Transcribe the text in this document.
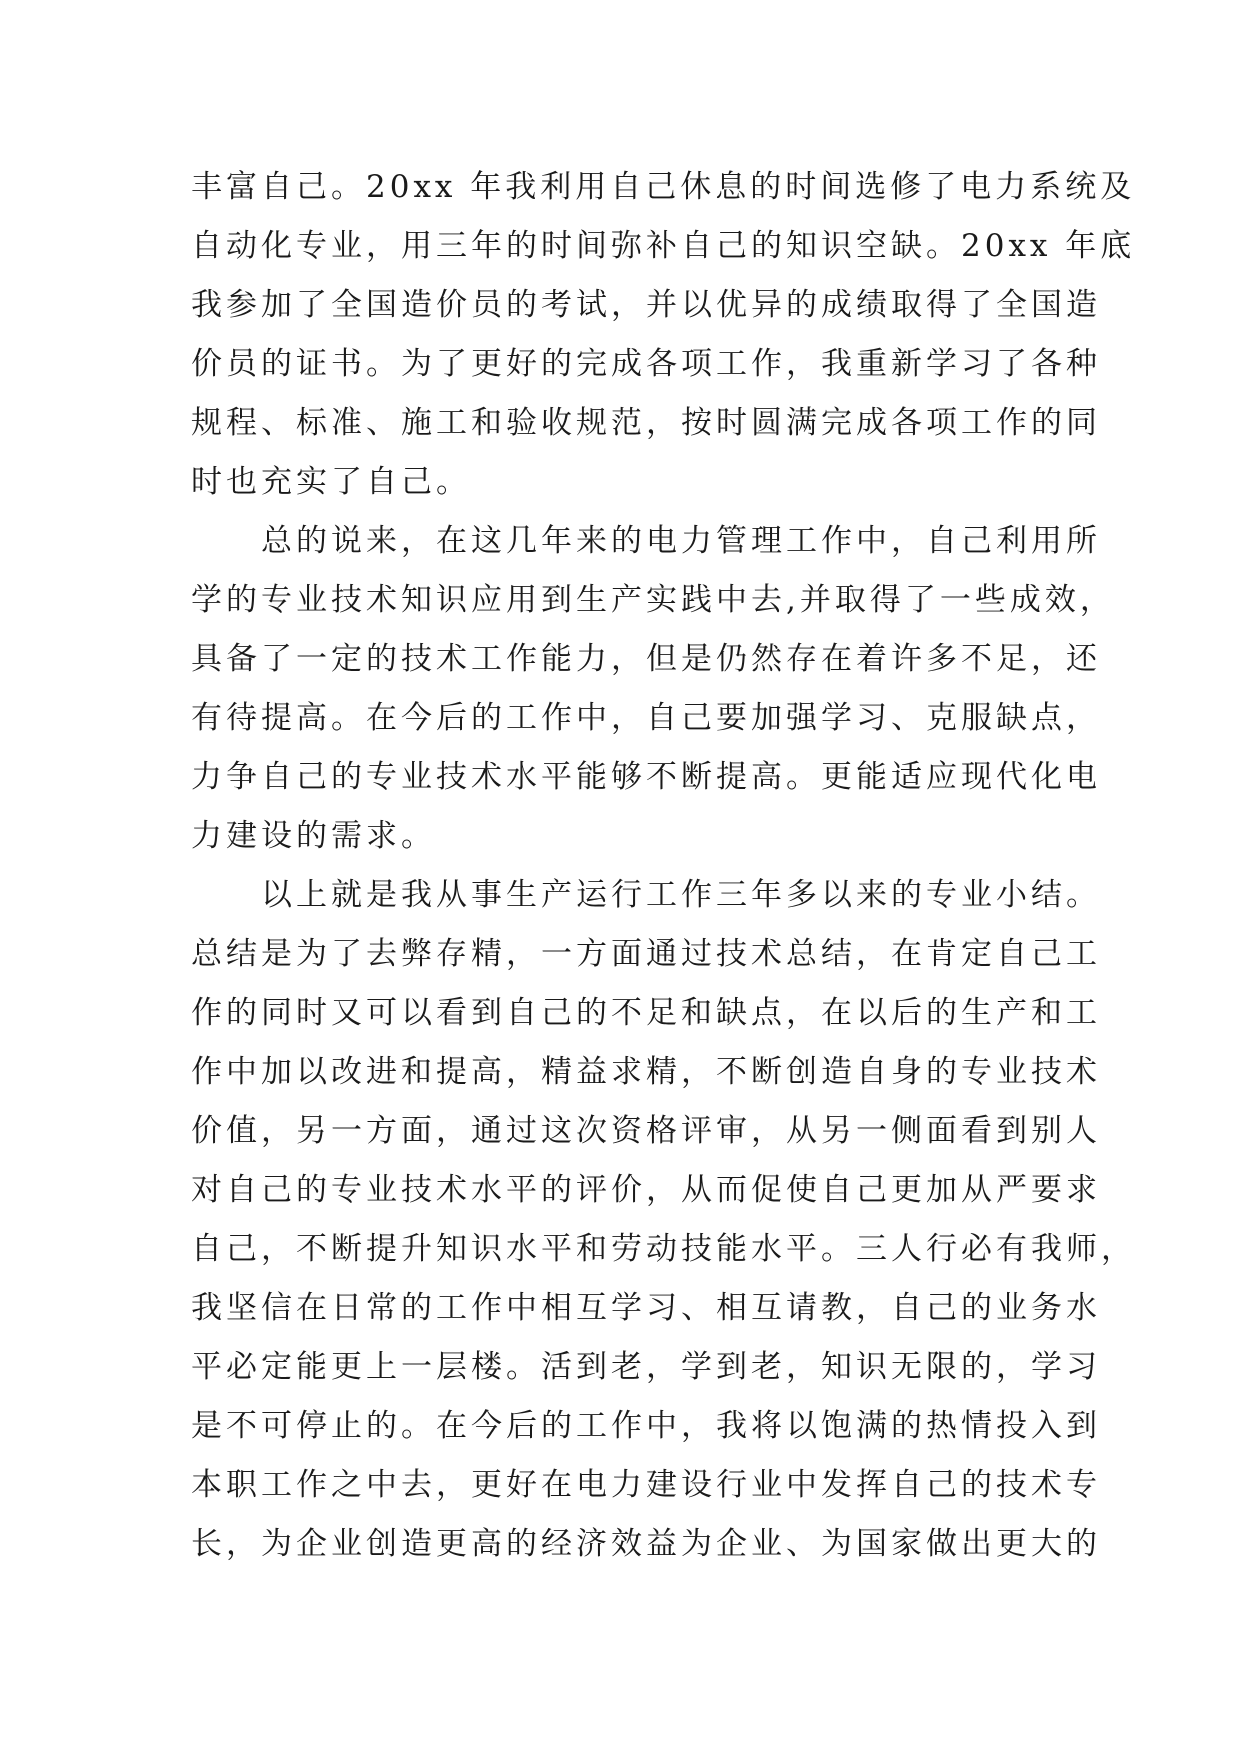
丰富自己。20xx 年我利用自己休息的时间选修了电力系统及
自动化专业，用三年的时间弥补自己的知识空缺。20xx 年底
我参加了全国造价员的考试，并以优异的成绩取得了全国造
价员的证书。为了更好的完成各项工作，我重新学习了各种
规程、标准、施工和验收规范，按时圆满完成各项工作的同
时也充实了自己。
　　总的说来，在这几年来的电力管理工作中，自己利用所
学的专业技术知识应用到生产实践中去,并取得了一些成效，
具备了一定的技术工作能力，但是仍然存在着许多不足，还
有待提高。在今后的工作中，自己要加强学习、克服缺点，
力争自己的专业技术水平能够不断提高。更能适应现代化电
力建设的需求。
　　以上就是我从事生产运行工作三年多以来的专业小结。
总结是为了去弊存精，一方面通过技术总结，在肯定自己工
作的同时又可以看到自己的不足和缺点，在以后的生产和工
作中加以改进和提高，精益求精，不断创造自身的专业技术
价值，另一方面，通过这次资格评审，从另一侧面看到别人
对自己的专业技术水平的评价，从而促使自己更加从严要求
自己，不断提升知识水平和劳动技能水平。三人行必有我师，
我坚信在日常的工作中相互学习、相互请教，自己的业务水
平必定能更上一层楼。活到老，学到老，知识无限的，学习
是不可停止的。在今后的工作中，我将以饱满的热情投入到
本职工作之中去，更好在电力建设行业中发挥自己的技术专
长，为企业创造更高的经济效益为企业、为国家做出更大的
